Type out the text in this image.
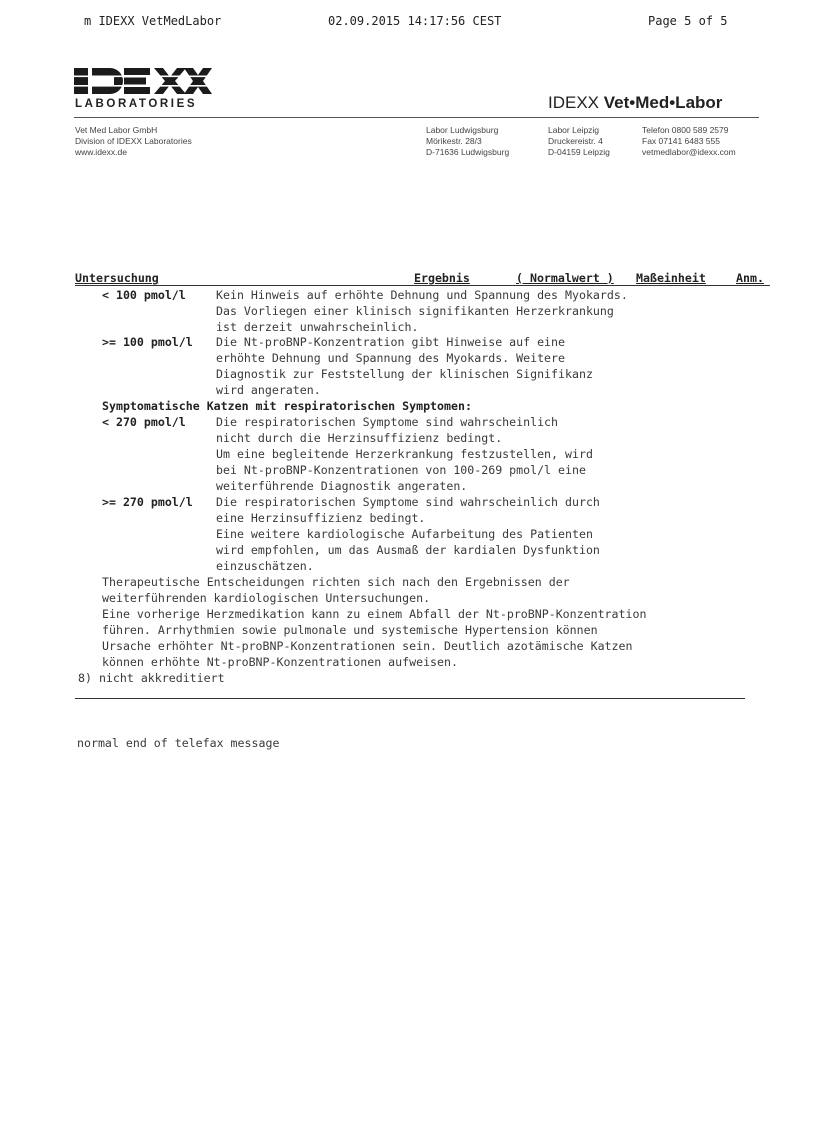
m IDEXX VetMedLabor	02.09.2015 14:17:56 CEST	Page 5 of 5
LABORATORIES	IDEXX Vet•Med•Labor
Vet Med Labor GmbH
Division of IDEXX Laboratories
www.idexx.de
Labor Ludwigsburg
Mörikestr. 28/3
D-71636 Ludwigsburg
Labor Leipzig
Druckereistr. 4
D-04159 Leipzig
Telefon 0800 589 2579
Fax 07141 6483 555
vetmedlabor@idexx.com
Untersuchung	Ergebnis	( Normalwert ) Maßeinheit	Anm.
< 100 pmol/l	Kein Hinweis auf erhöhte Dehnung und Spannung des Myokards.
Das Vorliegen einer klinisch signifikanten Herzerkrankung
ist derzeit unwahrscheinlich.
>= 100 pmol/l Die Nt-proBNP-Konzentration gibt Hinweise auf eine
erhöhte Dehnung und Spannung des Myokards. Weitere
Diagnostik zur Feststellung der klinischen Signifikanz
wird angeraten.
Symptomatische Katzen mit respiratorischen Symptomen:
< 270 pmol/l	Die respiratorischen Symptome sind wahrscheinlich
nicht durch die Herzinsuffizienz bedingt.
Um eine begleitende Herzerkrankung festzustellen, wird
bei Nt-proBNP-Konzentrationen von 100-269 pmol/l eine
weiterführende Diagnostik angeraten.
>= 270 pmol/l Die respiratorischen Symptome sind wahrscheinlich durch
eine Herzinsuffizienz bedingt.
Eine weitere kardiologische Aufarbeitung des Patienten
wird empfohlen, um das Ausmaß der kardialen Dysfunktion
einzuschätzen.
Therapeutische Entscheidungen richten sich nach den Ergebnissen der
weiterführenden kardiologischen Untersuchungen.
Eine vorherige Herzmedikation kann zu einem Abfall der Nt-proBNP-Konzentration
führen. Arrhythmien sowie pulmonale und systemische Hypertension können
Ursache erhöhter Nt-proBNP-Konzentrationen sein. Deutlich azotämische Katzen
können erhöhte Nt-proBNP-Konzentrationen aufweisen.
8) nicht akkreditiert
normal end of telefax message
